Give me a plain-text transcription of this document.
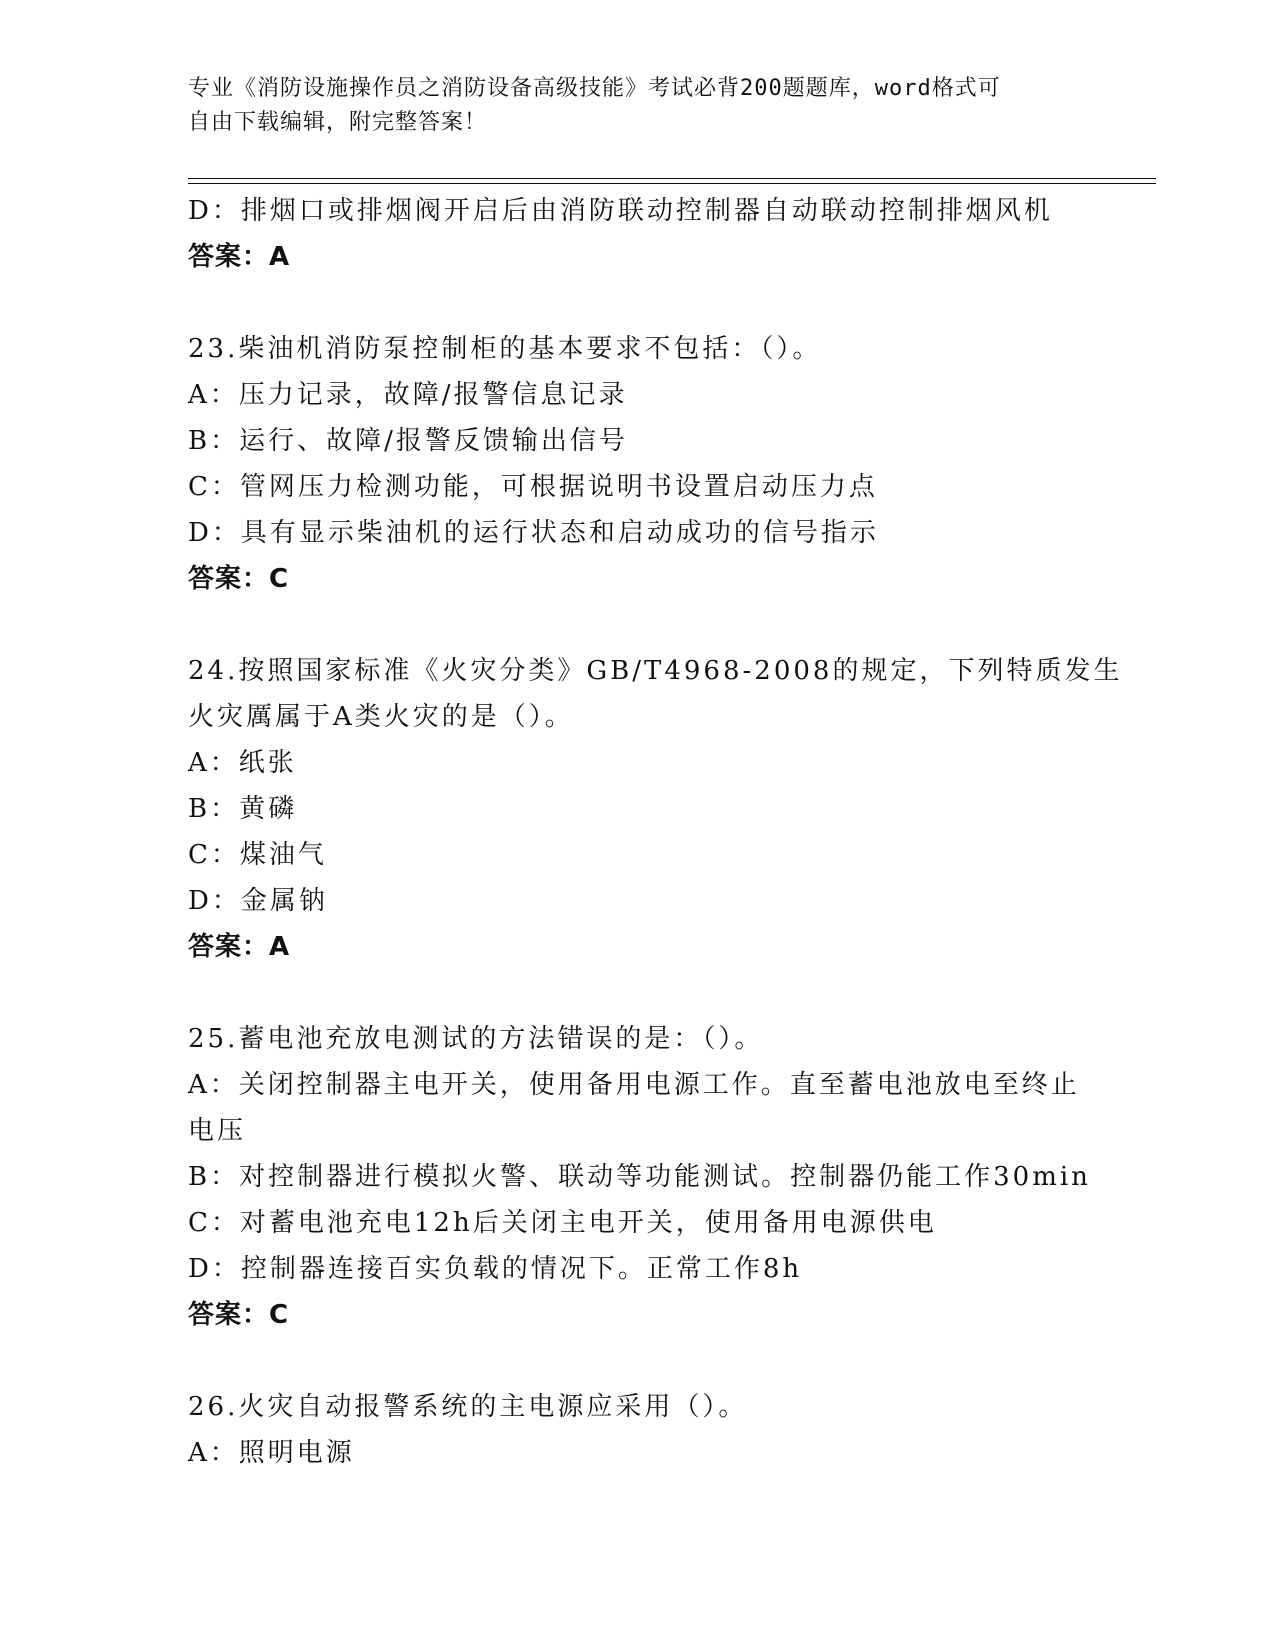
专业《消防设施操作员之消防设备高级技能》考试必背200题题库，word格式可
自由下载编辑，附完整答案！
D：排烟口或排烟阀开启后由消防联动控制器自动联动控制排烟风机
答案：A
23.柴油机消防泵控制柜的基本要求不包括：（）。
A：压力记录，故障/报警信息记录
B：运行、故障/报警反馈输出信号
C：管网压力检测功能，可根据说明书设置启动压力点
D：具有显示柴油机的运行状态和启动成功的信号指示
答案：C
24.按照国家标准《火灾分类》GB/T4968-2008的规定，下列特质发生
火灾厲属于A类火灾的是（）。
A：纸张
B：黄磷
C：煤油气
D：金属钠
答案：A
25.蓄电池充放电测试的方法错误的是：（）。
A：关闭控制器主电开关，使用备用电源工作。直至蓄电池放电至终止
电压
B：对控制器进行模拟火警、联动等功能测试。控制器仍能工作30min
C：对蓄电池充电12h后关闭主电开关，使用备用电源供电
D：控制器连接百实负载的情况下。正常工作8h
答案：C
26.火灾自动报警系统的主电源应采用（）。
A：照明电源
